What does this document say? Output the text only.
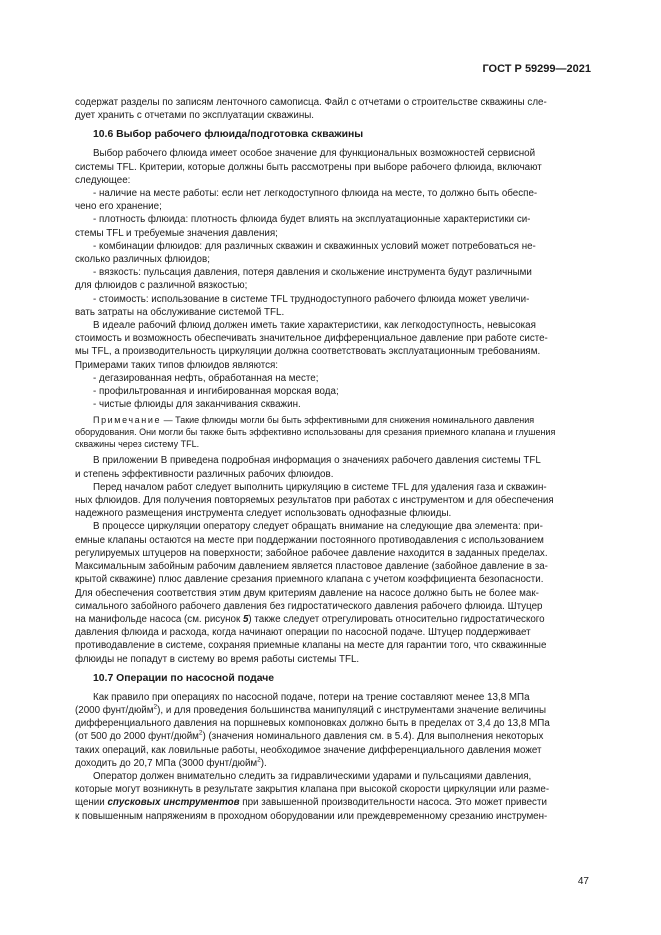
ГОСТ Р 59299—2021

содержат разделы по записям ленточного самописца. Файл с отчетами о строительстве скважины сле-
дует хранить с отчетами по эксплуатации скважины.

10.6 Выбор рабочего флюида/подготовка скважины

Выбор рабочего флюида имеет особое значение для функциональных возможностей сервисной
системы TFL. Критерии, которые должны быть рассмотрены при выборе рабочего флюида, включают
следующее:

- наличие на месте работы: если нет легкодоступного флюида на месте, то должно быть обеспе-
чено его хранение;

- плотность флюида: плотность флюида будет влиять на эксплуатационные характеристики си-
стемы TFL и требуемые значения давления;

- комбинации флюидов: для различных скважин и скважинных условий может потребоваться не-
сколько различных флюидов;

- вязкость: пульсация давления, потеря давления и скольжение инструмента будут различными
для флюидов с различной вязкостью;

- стоимость: использование в системе TFL труднодоступного рабочего флюида может увеличи-
вать затраты на обслуживание системой TFL.

В идеале рабочий флюид должен иметь такие характеристики, как легкодоступность, невысокая
стоимость и возможность обеспечивать значительное дифференциальное давление при работе систе-
мы TFL, а производительность циркуляции должна соответствовать эксплуатационным требованиям.
Примерами таких типов флюидов являются:

- дегазированная нефть, обработанная на месте;

- профильтрованная и ингибированная морская вода;

- чистые флюиды для заканчивания скважин.

Примечание — Такие флюиды могли бы быть эффективными для снижения номинального давления
оборудования. Они могли бы также быть эффективно использованы для срезания приемного клапана и глушения
скважины через систему TFL.

В приложении В приведена подробная информация о значениях рабочего давления системы TFL
и степень эффективности различных рабочих флюидов.

Перед началом работ следует выполнить циркуляцию в системе TFL для удаления газа и скважин-
ных флюидов. Для получения повторяемых результатов при работах с инструментом и для обеспечения
надежного размещения инструмента следует использовать однофазные флюиды.

В процессе циркуляции оператору следует обращать внимание на следующие два элемента: при-
емные клапаны остаются на месте при поддержании постоянного противодавления с использованием
регулируемых штуцеров на поверхности; забойное рабочее давление находится в заданных пределах.
Максимальным забойным рабочим давлением является пластовое давление (забойное давление в за-
крытой скважине) плюс давление срезания приемного клапана с учетом коэффициента безопасности.
Для обеспечения соответствия этим двум критериям давление на насосе должно быть не более мак-
симального забойного рабочего давления без гидростатического давления рабочего флюида. Штуцер
на манифольде насоса (см. рисунок 5) также следует отрегулировать относительно гидростатического
давления флюида и расхода, когда начинают операции по насосной подаче. Штуцер поддерживает
противодавление в системе, сохраняя приемные клапаны на месте для гарантии того, что скважинные
флюиды не попадут в систему во время работы системы TFL.

10.7 Операции по насосной подаче

Как правило при операциях по насосной подаче, потери на трение составляют менее 13,8 МПа
(2000 фунт/дюйм$^2$), и для проведения большинства манипуляций с инструментами значение величины
дифференциального давления на поршневых компоновках должно быть в пределах от 3,4 до 13,8 МПа
(от 500 до 2000 фунт/дюйм$^2$) (значения номинального давления см. в 5.4). Для выполнения некоторых
таких операций, как ловильные работы, необходимое значение дифференциального давления может
доходить до 20,7 МПа (3000 фунт/дюйм$^2$).

Оператор должен внимательно следить за гидравлическими ударами и пульсациями давления,
которые могут возникнуть в результате закрытия клапана при высокой скорости циркуляции или разме-
щении спусковых инструментов при завышенной производительности насоса. Это может привести
к повышенным напряжениям в проходном оборудовании или преждевременному срезанию инструмен-

47
